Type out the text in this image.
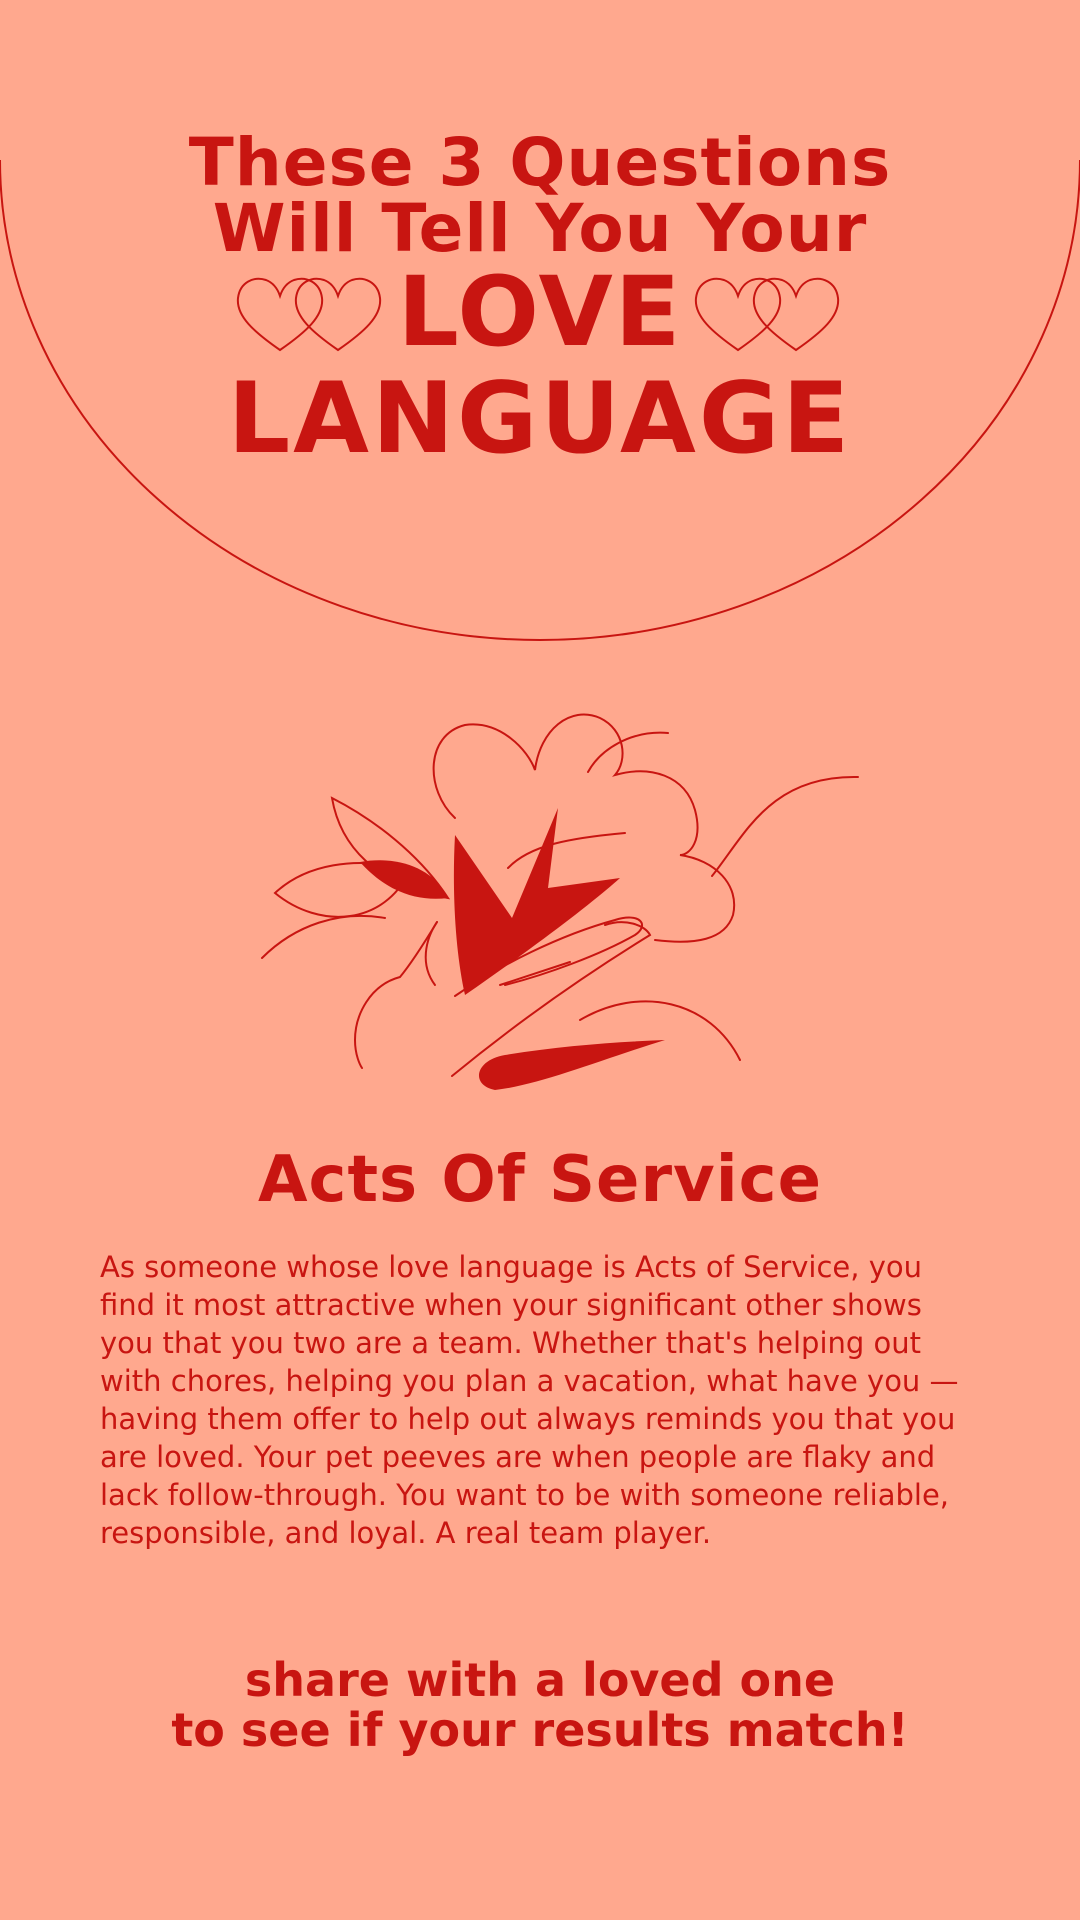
These 3 Questions
Will Tell You Your
LOVE
LANGUAGE
Acts Of Service

As someone whose love language is Acts of Service, you find it most attractive when your significant other shows you that you two are a team. Whether that's helping out with chores, helping you plan a vacation, what have you — having them offer to help out always reminds you that you are loved. Your pet peeves are when people are flaky and lack follow-through. You want to be with someone reliable, responsible, and loyal. A real team player.

share with a loved one
to see if your results match!
